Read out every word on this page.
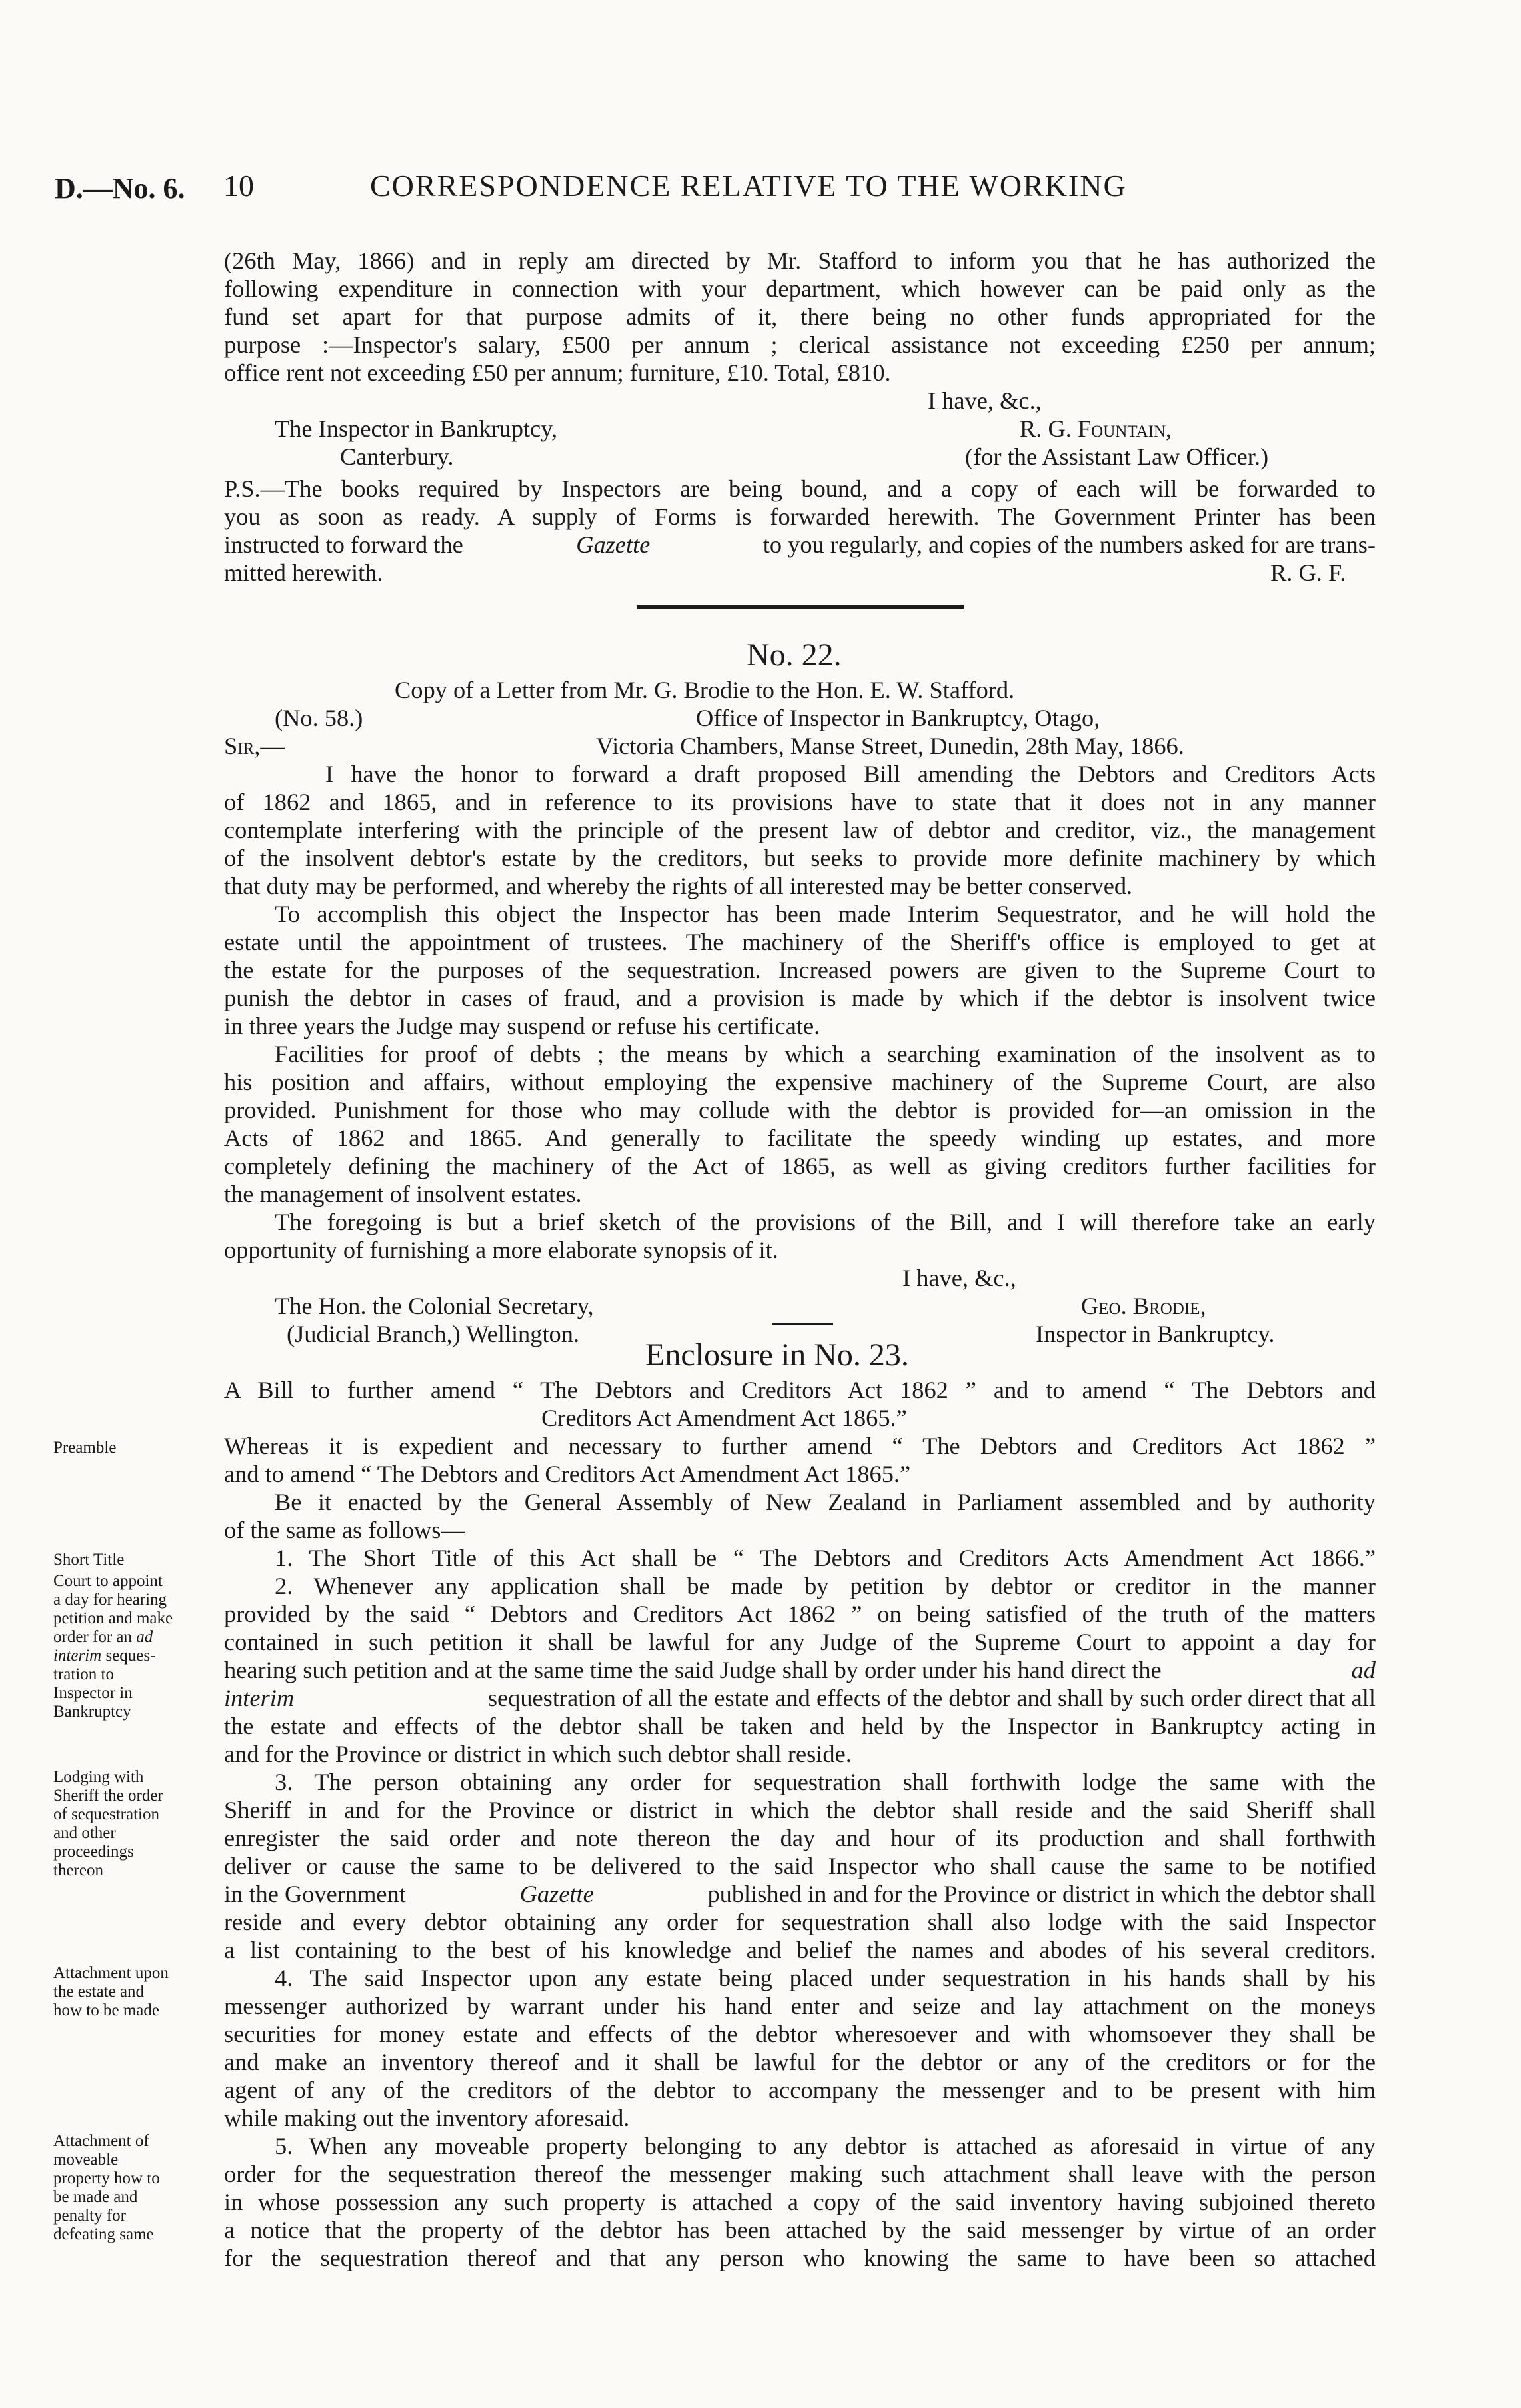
D.—No. 6. 10	CORRESPONDENCE RELATIVE TO THE WORKING
(26th May, 1866) and in reply am directed by Mr. Stafford to inform you that he has authorized the
following expenditure in connection with your department, which however can be paid only as the
fund set apart for that purpose admits of it, there being no other funds appropriated for the
purpose :—Inspector's salary, £500 per annum ; clerical assistance not exceeding £250 per annum;
office rent not exceeding £50 per annum; furniture, £10. Total, £810.
I have, &c.,
The Inspector in Bankruptcy,	R. G. Fountain,
Canterbury.	(for the Assistant Law Officer.)
P.S.—The books required by Inspectors are being bound, and a copy of each will be forwarded to
you as soon as ready. A supply of Forms is forwarded herewith. The Government Printer has been
instructed to forward the	Gazette	to you regularly, and copies of the numbers asked for are trans-
mitted herewith.	R. G. F.
No. 22.
Copy of a Letter from Mr. G. Brodie to the Hon. E. W. Stafford.
(No. 58.)	Office of Inspector in Bankruptcy, Otago,
Sir,—	Victoria Chambers, Manse Street, Dunedin, 28th May, 1866.
I have the honor to forward a draft proposed Bill amending the Debtors and Creditors Acts
of 1862 and 1865, and in reference to its provisions have to state that it does not in any manner
contemplate interfering with the principle of the present law of debtor and creditor, viz., the management
of the insolvent debtor's estate by the creditors, but seeks to provide more definite machinery by which
that duty may be performed, and whereby the rights of all interested may be better conserved.
To accomplish this object the Inspector has been made Interim Sequestrator, and he will hold the
estate until the appointment of trustees. The machinery of the Sheriff's office is employed to get at
the estate for the purposes of the sequestration. Increased powers are given to the Supreme Court to
punish the debtor in cases of fraud, and a provision is made by which if the debtor is insolvent twice
in three years the Judge may suspend or refuse his certificate.
Facilities for proof of debts ; the means by which a searching examination of the insolvent as to
his position and affairs, without employing the expensive machinery of the Supreme Court, are also
provided. Punishment for those who may collude with the debtor is provided for—an omission in the
Acts of 1862 and 1865. And generally to facilitate the speedy winding up estates, and more
completely defining the machinery of the Act of 1865, as well as giving creditors further facilities for
the management of insolvent estates.
The foregoing is but a brief sketch of the provisions of the Bill, and I will therefore take an early
opportunity of furnishing a more elaborate synopsis of it.
I have, &c.,
The Hon. the Colonial Secretary,	Geo. Brodie,
(Judicial Branch,) Wellington.	Inspector in Bankruptcy.
Enclosure in No. 23.
A Bill to further amend “ The Debtors and Creditors Act 1862 ” and to amend “ The Debtors and
Creditors Act Amendment Act 1865.”
Whereas it is expedient and necessary to further amend “ The Debtors and Creditors Act 1862 ”
and to amend “ The Debtors and Creditors Act Amendment Act 1865.”
Be it enacted by the General Assembly of New Zealand in Parliament assembled and by authority
of the same as follows—
1. The Short Title of this Act shall be “ The Debtors and Creditors Acts Amendment Act 1866.”
2. Whenever any application shall be made by petition by debtor or creditor in the manner
provided by the said “ Debtors and Creditors Act 1862 ” on being satisfied of the truth of the matters
contained in such petition it shall be lawful for any Judge of the Supreme Court to appoint a day for
hearing such petition and at the same time the said Judge shall by order under his hand direct the	ad
interim	sequestration of all the estate and effects of the debtor and shall by such order direct that all
the estate and effects of the debtor shall be taken and held by the Inspector in Bankruptcy acting in
and for the Province or district in which such debtor shall reside.
3. The person obtaining any order for sequestration shall forthwith lodge the same with the
Sheriff in and for the Province or district in which the debtor shall reside and the said Sheriff shall
enregister the said order and note thereon the day and hour of its production and shall forthwith
deliver or cause the same to be delivered to the said Inspector who shall cause the same to be notified
in the Government	Gazette	published in and for the Province or district in which the debtor shall
reside and every debtor obtaining any order for sequestration shall also lodge with the said Inspector
a list containing to the best of his knowledge and belief the names and abodes of his several creditors.
4. The said Inspector upon any estate being placed under sequestration in his hands shall by his
messenger authorized by warrant under his hand enter and seize and lay attachment on the moneys
securities for money estate and effects of the debtor wheresoever and with whomsoever they shall be
and make an inventory thereof and it shall be lawful for the debtor or any of the creditors or for the
agent of any of the creditors of the debtor to accompany the messenger and to be present with him
while making out the inventory aforesaid.
5. When any moveable property belonging to any debtor is attached as aforesaid in virtue of any
order for the sequestration thereof the messenger making such attachment shall leave with the person
in whose possession any such property is attached a copy of the said inventory having subjoined thereto
a notice that the property of the debtor has been attached by the said messenger by virtue of an order
for the sequestration thereof and that any person who knowing the same to have been so attached
Preamble
Short Title
Court to appoint
a day for hearing
petition and make
order for an ad
interim seques-
tration to
Inspector in
Bankruptcy
Lodging with
Sheriff the order
of sequestration
and other
proceedings
thereon
Attachment upon
the estate and
how to be made
Attachment of
moveable
property how to
be made and
penalty for
defeating same
